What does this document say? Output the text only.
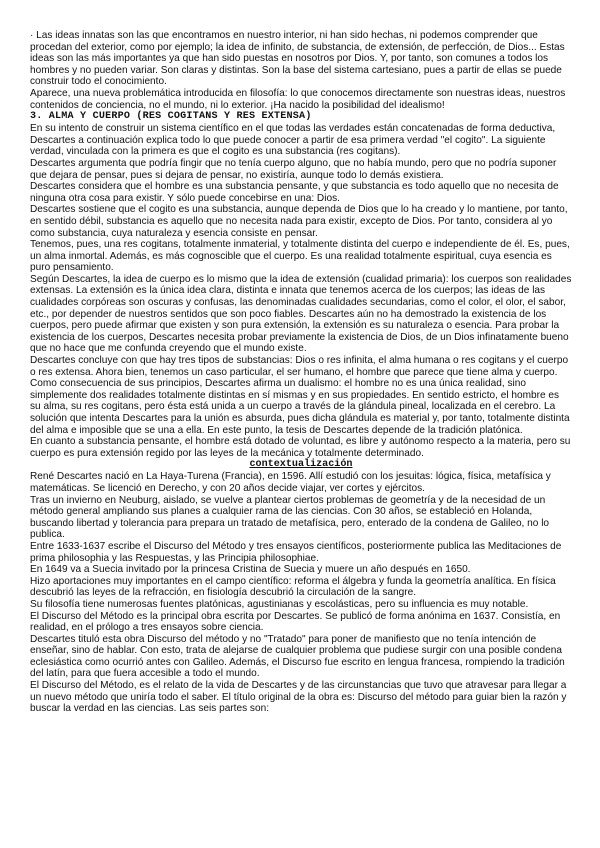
· Las ideas innatas son las que encontramos en nuestro interior, ni han sido hechas, ni podemos comprender que procedan del exterior, como por ejemplo; la idea de infinito, de substancia, de extensión, de perfección, de Dios... Estas ideas son las más importantes ya que han sido puestas en nosotros por Dios. Y, por tanto, son comunes a todos los hombres y no pueden variar. Son claras y distintas. Son la base del sistema cartesiano, pues a partir de ellas se puede construir todo el conocimiento.

Aparece, una nueva problemática introducida en filosofía: lo que conocemos directamente son nuestras ideas, nuestros contenidos de conciencia, no el mundo, ni lo exterior. ¡Ha nacido la posibilidad del idealismo!

3. ALMA Y CUERPO (RES COGITANS Y RES EXTENSA)

En su intento de construir un sistema científico en el que todas las verdades están concatenadas de forma deductiva, Descartes a continuación explica todo lo que puede conocer a partir de esa primera verdad "el cogito". La siguiente verdad, vinculada con la primera es que el cogito es una substancia (res cogitans).

Descartes argumenta que podría fingir que no tenía cuerpo alguno, que no había mundo, pero que no podría suponer que dejara de pensar, pues si dejara de pensar, no existiría, aunque todo lo demás existiera.

Descartes considera que el hombre es una substancia pensante, y que substancia es todo aquello que no necesita de ninguna otra cosa para existir. Y sólo puede concebirse en una: Dios.

Descartes sostiene que el cogito es una substancia, aunque dependa de Dios que lo ha creado y lo mantiene, por tanto, en sentido débil, substancia es aquello que no necesita nada para existir, excepto de Dios. Por tanto, considera al yo como substancia, cuya naturaleza y esencia consiste en pensar.

Tenemos, pues, una res cogitans, totalmente inmaterial, y totalmente distinta del cuerpo e independiente de él. Es, pues, un alma inmortal. Además, es más cognoscible que el cuerpo. Es una realidad totalmente espiritual, cuya esencia es puro pensamiento.

Según Descartes, la idea de cuerpo es lo mismo que la idea de extensión (cualidad primaria): los cuerpos son realidades extensas. La extensión es la única idea clara, distinta e innata que tenemos acerca de los cuerpos; las ideas de las cualidades corpóreas son oscuras y confusas, las denominadas cualidades secundarias, como el color, el olor, el sabor, etc., por depender de nuestros sentidos que son poco fiables. Descartes aún no ha demostrado la existencia de los cuerpos, pero puede afirmar que existen y son pura extensión, la extensión es su naturaleza o esencia. Para probar la existencia de los cuerpos, Descartes necesita probar previamente la existencia de Dios, de un Dios infinatamente bueno que no hace que me confunda creyendo que el mundo existe.

Descartes concluye con que hay tres tipos de substancias: Dios o res infinita, el alma humana o res cogitans y el cuerpo o res extensa. Ahora bien, tenemos un caso particular, el ser humano, el hombre que parece que tiene alma y cuerpo. Como consecuencia de sus principios, Descartes afirma un dualismo: el hombre no es una única realidad, sino simplemente dos realidades totalmente distintas en sí mismas y en sus propiedades. En sentido estricto, el hombre es su alma, su res cogitans, pero ésta está unida a un cuerpo a través de la glándula pineal, localizada en el cerebro. La solución que intenta Descartes para la unión es absurda, pues dicha glándula es material y, por tanto, totalmente distinta del alma e imposible que se una a ella. En este punto, la tesis de Descartes depende de la tradición platónica.

En cuanto a substancia pensante, el hombre está dotado de voluntad, es libre y autónomo respecto a la materia, pero su cuerpo es pura extensión regido por las leyes de la mecánica y totalmente determinado.

contextualización

René Descartes nació en La Haya-Turena (Francia), en 1596. Allí estudió con los jesuitas: lógica, física, metafísica y matemáticas. Se licenció en Derecho, y con 20 años decide viajar, ver cortes y ejércitos.

Tras un invierno en Neuburg, aislado, se vuelve a plantear ciertos problemas de geometría y de la necesidad de un método general ampliando sus planes a cualquier rama de las ciencias. Con 30 años, se estableció en Holanda, buscando libertad y tolerancia para prepara un tratado de metafísica, pero, enterado de la condena de Galileo, no lo publica.

Entre 1633-1637 escribe el Discurso del Método y tres ensayos científicos, posteriormente publica las Meditaciones de prima philosophia y las Respuestas, y las Principia philosophiae.

En 1649 va a Suecia invitado por la princesa Cristina de Suecia y muere un año después en 1650.

Hizo aportaciones muy importantes en el campo científico: reforma el álgebra y funda la geometría analítica. En física descubrió las leyes de la refracción, en fisiología descubrió la circulación de la sangre.

Su filosofía tiene numerosas fuentes platónicas, agustinianas y escolásticas, pero su influencia es muy notable.

El Discurso del Método es la principal obra escrita por Descartes. Se publicó de forma anónima en 1637. Consistía, en realidad, en el prólogo a tres ensayos sobre ciencia.

Descartes tituló esta obra Discurso del método y no "Tratado" para poner de manifiesto que no tenía intención de enseñar, sino de hablar. Con esto, trata de alejarse de cualquier problema que pudiese surgir con una posible condena eclesiástica como ocurrió antes con Galileo. Además, el Discurso fue escrito en lengua francesa, rompiendo la tradición del latín, para que fuera accesible a todo el mundo.

El Discurso del Método, es el relato de la vida de Descartes y de las circunstancias que tuvo que atravesar para llegar a un nuevo método que uniría todo el saber. El título original de la obra es: Discurso del método para guiar bien la razón y buscar la verdad en las ciencias. Las seis partes son:
